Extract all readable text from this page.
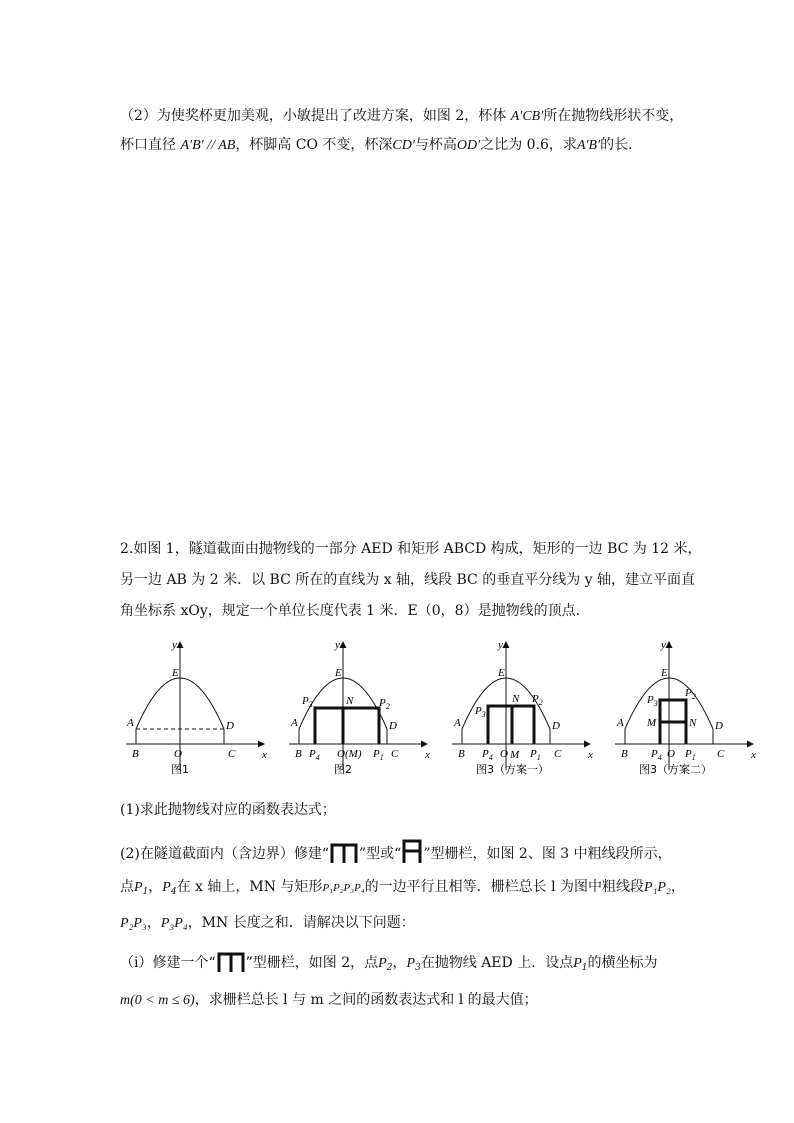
（2）为使奖杯更加美观，小敏提出了改进方案，如图 2，杯体 A′CB′所在抛物线形状不变，
杯口直径 A′B′ // AB，杯脚高 CO 不变，杯深CD′与杯高OD′之比为 0.6，求A′B′的长．
2.如图 1，隧道截面由抛物线的一部分 AED 和矩形 ABCD 构成，矩形的一边 BC 为 12 米，
另一边 AB 为 2 米．以 BC 所在的直线为 x 轴，线段 BC 的垂直平分线为 y 轴，建立平面直
角坐标系 xOy，规定一个单位长度代表 1 米．E（0，8）是抛物线的顶点．
y
x
E
A	D
B	O	C
图1
y
x
E
N
A	D
$P_3$	$P_2$
B $P_4$ O (M) $P_1$ C
图2
y
x
E
N
A	D
$P_3$
$P_2$
B $P_4$ O M $P_1$ C
图3（方案一）
y
x
E
A	D
$P_3$
$P_2$
M	N
B $P_4$ O $P_1$ C
图3（方案二）
(1)求此抛物线对应的函数表达式；
(2)在隧道截面内（含边界）修建“ ”型或“ ”型栅栏，如图 2、图 3 中粗线段所示，
点$P_1$，$P_4$在 x 轴上，MN 与矩形P₁P₂P₃P₄的一边平行且相等．栅栏总长 l 为图中粗线段P₁P₂，
P₂P₃，P₃P₄，MN 长度之和．请解决以下问题：
（ⅰ）修建一个“ ”型栅栏，如图 2，点$P_2$，$P_3$在抛物线 AED 上．设点$P_1$的横坐标为
m(0 < m ≤ 6)，求栅栏总长 l 与 m 之间的函数表达式和 l 的最大值；
